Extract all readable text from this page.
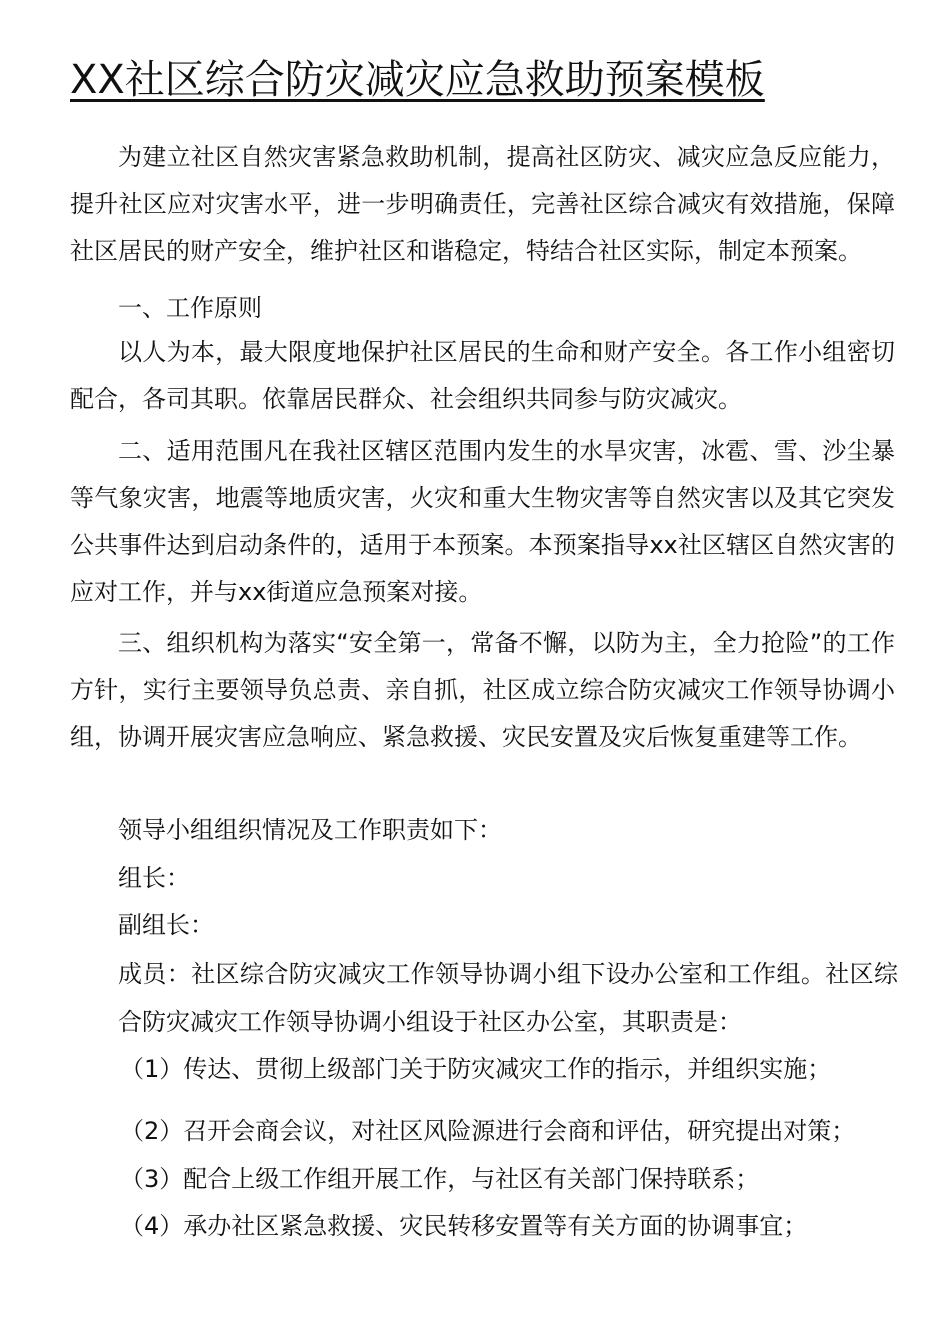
XX社区综合防灾减灾应急救助预案模板

为建立社区自然灾害紧急救助机制，提高社区防灾、减灾应急反应能力，提升社区应对灾害水平，进一步明确责任，完善社区综合减灾有效措施，保障社区居民的财产安全，维护社区和谐稳定，特结合社区实际，制定本预案。

一、工作原则

以人为本，最大限度地保护社区居民的生命和财产安全。各工作小组密切配合，各司其职。依靠居民群众、社会组织共同参与防灾减灾。

二、适用范围凡在我社区辖区范围内发生的水旱灾害，冰雹、雪、沙尘暴等气象灾害，地震等地质灾害，火灾和重大生物灾害等自然灾害以及其它突发公共事件达到启动条件的，适用于本预案。本预案指导xx社区辖区自然灾害的应对工作，并与xx街道应急预案对接。

三、组织机构为落实“安全第一，常备不懈，以防为主，全力抢险”的工作方针，实行主要领导负总责、亲自抓，社区成立综合防灾减灾工作领导协调小组，协调开展灾害应急响应、紧急救援、灾民安置及灾后恢复重建等工作。

领导小组组织情况及工作职责如下：

组长：

副组长：

成员：社区综合防灾减灾工作领导协调小组下设办公室和工作组。社区综合防灾减灾工作领导协调小组设于社区办公室，其职责是：

（1）传达、贯彻上级部门关于防灾减灾工作的指示，并组织实施；

（2）召开会商会议，对社区风险源进行会商和评估，研究提出对策；

（3）配合上级工作组开展工作，与社区有关部门保持联系；

（4）承办社区紧急救援、灾民转移安置等有关方面的协调事宜；
